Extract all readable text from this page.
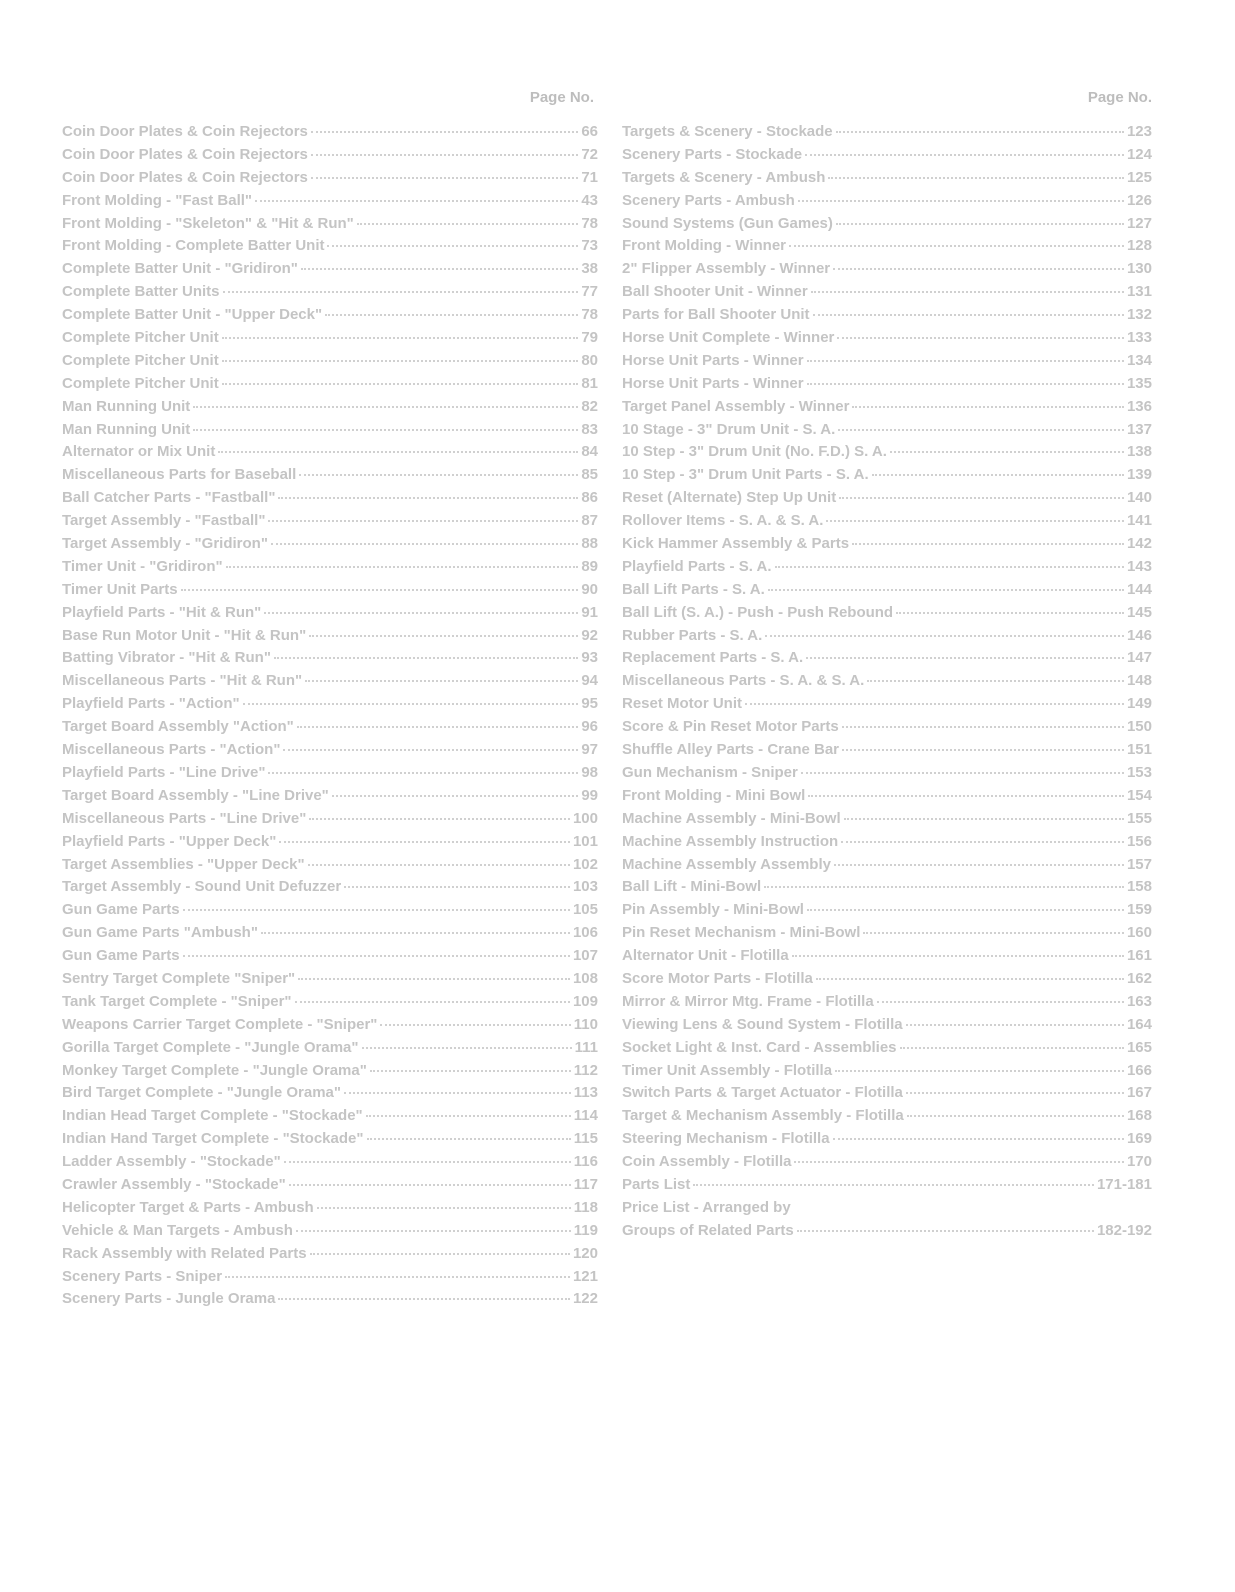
Page No.
Coin Door Plates & Coin Rejectors	66
Coin Door Plates & Coin Rejectors	72
Coin Door Plates & Coin Rejectors	71
Front Molding - "Fast Ball"	43
Front Molding - "Skeleton" & "Hit & Run"	78
Front Molding - Complete Batter Unit	73
Complete Batter Unit - "Gridiron"	38
Complete Batter Units	77
Complete Batter Unit - "Upper Deck"	78
Complete Pitcher Unit	79
Complete Pitcher Unit	80
Complete Pitcher Unit	81
Man Running Unit	82
Man Running Unit	83
Alternator or Mix Unit	84
Miscellaneous Parts for Baseball	85
Ball Catcher Parts - "Fastball"	86
Target Assembly - "Fastball"	87
Target Assembly - "Gridiron"	88
Timer Unit - "Gridiron"	89
Timer Unit Parts	90
Playfield Parts - "Hit & Run"	91
Base Run Motor Unit - "Hit & Run"	92
Batting Vibrator - "Hit & Run"	93
Miscellaneous Parts - "Hit & Run"	94
Playfield Parts - "Action"	95
Target Board Assembly "Action"	96
Miscellaneous Parts - "Action"	97
Playfield Parts - "Line Drive"	98
Target Board Assembly - "Line Drive"	99
Miscellaneous Parts - "Line Drive"	100
Playfield Parts - "Upper Deck"	101
Target Assemblies - "Upper Deck"	102
Target Assembly - Sound Unit Defuzzer	103
Gun Game Parts	105
Gun Game Parts "Ambush"	106
Gun Game Parts	107
Sentry Target Complete "Sniper"	108
Tank Target Complete - "Sniper"	109
Weapons Carrier Target Complete - "Sniper"	110
Gorilla Target Complete - "Jungle Orama"	111
Monkey Target Complete - "Jungle Orama"	112
Bird Target Complete - "Jungle Orama"	113
Indian Head Target Complete - "Stockade"	114
Indian Hand Target Complete - "Stockade"	115
Ladder Assembly - "Stockade"	116
Crawler Assembly - "Stockade"	117
Helicopter Target & Parts - Ambush	118
Vehicle & Man Targets - Ambush	119
Rack Assembly with Related Parts	120
Scenery Parts - Sniper	121
Scenery Parts - Jungle Orama	122
Page No.
Targets & Scenery - Stockade	123
Scenery Parts - Stockade	124
Targets & Scenery - Ambush	125
Scenery Parts - Ambush	126
Sound Systems (Gun Games)	127
Front Molding - Winner	128
2" Flipper Assembly - Winner	130
Ball Shooter Unit - Winner	131
Parts for Ball Shooter Unit	132
Horse Unit Complete - Winner	133
Horse Unit Parts - Winner	134
Horse Unit Parts - Winner	135
Target Panel Assembly - Winner	136
10 Stage - 3" Drum Unit - S. A.	137
10 Step - 3" Drum Unit (No. F.D.) S. A.	138
10 Step - 3" Drum Unit Parts - S. A.	139
Reset (Alternate) Step Up Unit	140
Rollover Items - S. A. & S. A.	141
Kick Hammer Assembly & Parts	142
Playfield Parts - S. A.	143
Ball Lift Parts - S. A.	144
Ball Lift (S. A.) - Push - Push Rebound	145
Rubber Parts - S. A.	146
Replacement Parts - S. A.	147
Miscellaneous Parts - S. A. & S. A.	148
Reset Motor Unit	149
Score & Pin Reset Motor Parts	150
Shuffle Alley Parts - Crane Bar	151
Gun Mechanism - Sniper	153
Front Molding - Mini Bowl	154
Machine Assembly - Mini-Bowl	155
Machine Assembly Instruction	156
Machine Assembly Assembly	157
Ball Lift - Mini-Bowl	158
Pin Assembly - Mini-Bowl	159
Pin Reset Mechanism - Mini-Bowl	160
Alternator Unit - Flotilla	161
Score Motor Parts - Flotilla	162
Mirror & Mirror Mtg. Frame - Flotilla	163
Viewing Lens & Sound System - Flotilla	164
Socket Light & Inst. Card - Assemblies	165
Timer Unit Assembly - Flotilla	166
Switch Parts & Target Actuator - Flotilla	167
Target & Mechanism Assembly - Flotilla	168
Steering Mechanism - Flotilla	169
Coin Assembly - Flotilla	170
Parts List	171-181
Price List - Arranged by
Groups of Related Parts	182-192
